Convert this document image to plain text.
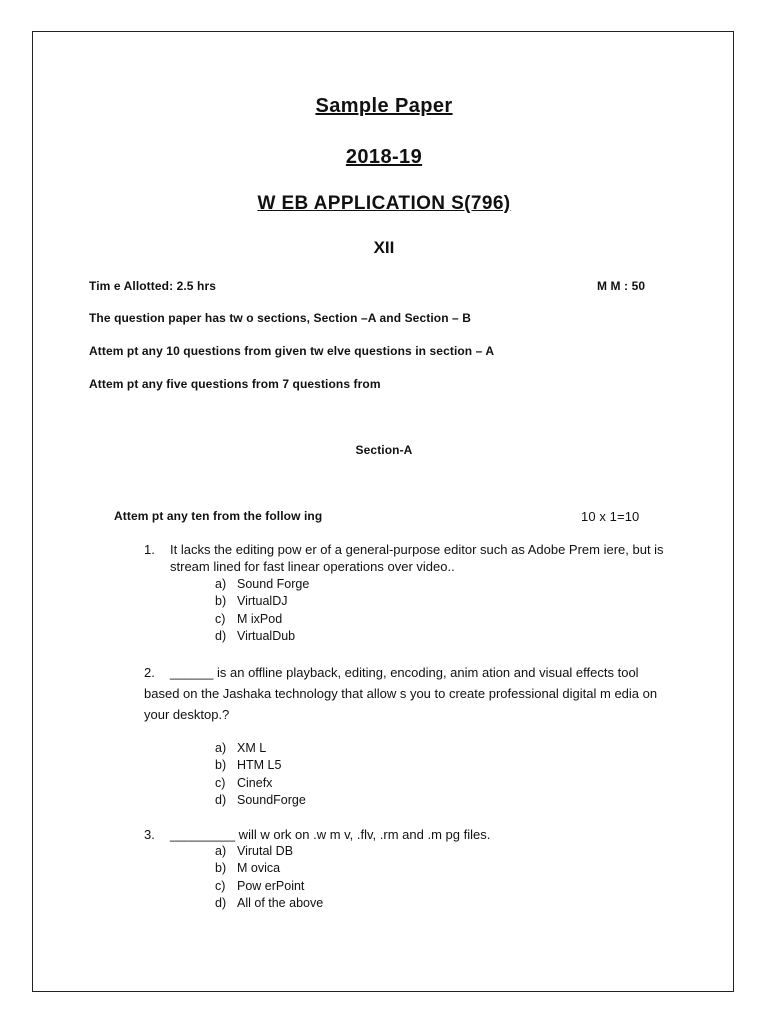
Sample Paper
2018-19
W EB APPLICATION S(796)
XII
Tim e Allotted: 2.5 hrs	M M : 50
The question paper has tw o sections, Section –A and Section – B
Attem pt any 10 questions from given tw elve questions in section – A
Attem pt any five questions from 7 questions from
Section-A
Attem pt any ten from the follow ing	10 x 1=10
1. It lacks the editing pow er of a general-purpose editor such as Adobe Prem iere, but is
stream lined for fast linear operations over video..
a) Sound Forge
b) VirtualDJ
c) M ixPod
d) VirtualDub
2. ______ is an offline playback, editing, encoding, anim ation and visual effects tool
based on the Jashaka technology that allow s you to create professional digital m edia on
your desktop.?
a) XM L
b) HTM L5
c) Cinefx
d) SoundForge
3. _________ will w ork on .w m v, .flv, .rm and .m pg files.
a) Virutal DB
b) M ovica
c) Pow erPoint
d) All of the above
